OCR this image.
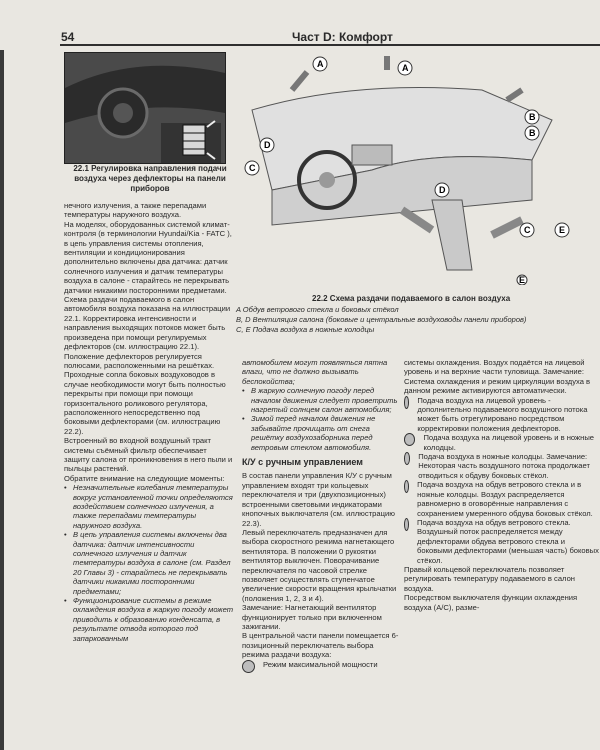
54	Част D: Комфорт
22.1 Регулировка направления подачи воздуха через дефлекторы на панели приборов
A	A
B
B
C
C
D
D
E
E
22.2 Схема раздачи подаваемого в салон воздуха
A Обдув ветрового стекла и боковых стёкол
B, D Вентиляция салона (боковые и центральные воздуховоды панели приборов)
C, E Подача воздуха в ножные колодцы

нечного излучения, а также перепадами температуры наружного воздуха.

На моделях, оборудованных системой климат-контроля (в терминологии Hyundai/Kia - FATC ), в цепь управления системы отопления, вентиляции и кондиционирования дополнительно включены два датчика: датчик солнечного излучения и датчик температуры воздуха в салоне - старайтесь не перекрывать датчики никакими посторонними предметами.

Схема раздачи подаваемого в салон автомобиля воздуха показана на иллюстрации 22.1. Корректировка интенсивности и направления выходящих потоков может быть произведена при помощи регулируемых дефлекторов (см. иллюстрацию 22.1). Положение дефлекторов регулируется полюсами, расположенными на решётках. Проходные сопла боковых воздуховодов в случае необходимости могут быть полностью перекрыты при помощи при помощи горизонтального роликового регулятора, расположенного непосредственно под боковыми дефлекторами (см. иллюстрацию 22.2).

Встроенный во входной воздушный тракт системы съёмный фильтр обеспечивает защиту салона от проникновения в него пыли и пыльцы растений.

Обратите внимание на следующие моменты:

• Незначительные колебания температуры вокруг установленной точки определяются воздействием солнечного излучения, а также перепадами температуры наружного воздуха.

• В цепь управления системы включены два датчика: датчик интенсивности солнечного излучения и датчик температуры воздуха в салоне (см. Раздел 20 Главы 3) - старайтесь не перекрывать датчики никакими посторонними предметами;

• Функционирование системы в режиме охлаждения воздуха в жаркую погоду может приводить к образованию конденсата, в результате отвода которого под запаркованным

автомобилем могут появляться пятна влаги, что не должно вызывать беспокойства;

• В жаркую солнечную погоду перед началом движения следует проветрить нагретый солнцем салон автомобиля;

• Зимой перед началом движения не забывайте прочищать от снега решётку воздухозаборника перед ветровым стеклом автомобиля.

К/У с ручным управлением

В состав панели управления К/У с ручным управлением входят три кольцевых переключателя и три (двухпозиционных) встроенными световыми индикаторами кнопочных выключателя (см. иллюстрацию 22.3).

Левый переключатель предназначен для выбора скоростного режима нагнетающего вентилятора. В положении 0 рукоятки вентилятор выключен. Поворачивание переключателя по часовой стрелке позволяет осуществлять ступенчатое увеличение скорости вращения крыльчатки (положения 1, 2, 3 и 4).

Замечание: Нагнетающий вентилятор функционирует только при включенном зажигании.

В центральной части панели помещается 6-позиционный переключатель выбора режима раздачи воздуха:

Режим максимальной мощности

системы охлаждения. Воздух подаётся на лицевой уровень и на верхние части туловища. Замечание: Система охлаждения и режим циркуляции воздуха в данном режиме активируются автоматически.

Подача воздуха на лицевой уровень - дополнительно подаваемого воздушного потока может быть отрегулировано посредством корректировки положения дефлекторов.

Подача воздуха на лицевой уровень и в ножные колодцы.

Подача воздуха в ножные колодцы. Замечание: Некоторая часть воздушного потока продолжает отводиться к обдуву боковых стёкол.

Подача воздуха на обдув ветрового стекла и в ножные колодцы. Воздух распределяется равномерно в оговорённые направления с сохранением умеренного обдува боковых стёкол.

Подача воздуха на обдув ветрового стекла. Воздушный поток распределяется между дефлекторами обдува ветрового стекла и боковыми дефлекторами (меньшая часть) боковых стёкол.

Правый кольцевой переключатель позволяет регулировать температуру подаваемого в салон воздуха.

Посредством выключателя функции охлаждения воздуха (A/C), разме-
